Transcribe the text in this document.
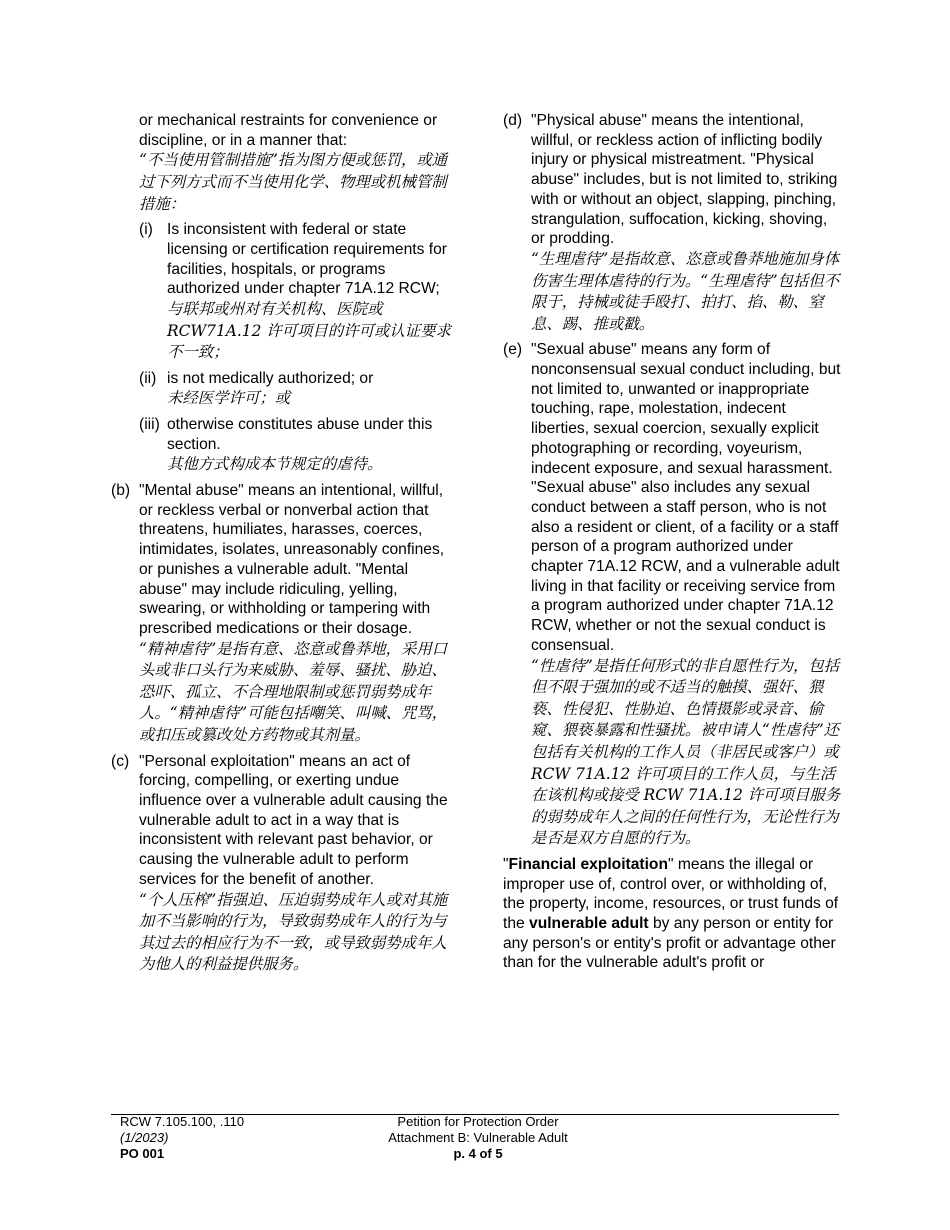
or mechanical restraints for convenience or discipline, or in a manner that:

“不当使用管制措施”指为图方便或惩罚，或通过下列方式而不当使用化学、物理或机械管制措施：

(i) Is inconsistent with federal or state licensing or certification requirements for facilities, hospitals, or programs authorized under chapter 71A.12 RCW;

与联邦或州对有关机构、医院或 RCW71A.12 许可项目的许可或认证要求不一致；

(ii) is not medically authorized; or

未经医学许可；或

(iii) otherwise constitutes abuse under this section.

其他方式构成本节规定的虐待。

(b) "Mental abuse" means an intentional, willful, or reckless verbal or nonverbal action that threatens, humiliates, harasses, coerces, intimidates, isolates, unreasonably confines, or punishes a vulnerable adult. "Mental abuse" may include ridiculing, yelling, swearing, or withholding or tampering with prescribed medications or their dosage.

“精神虐待”是指有意、恣意或鲁莽地，采用口头或非口头行为来威胁、羞辱、骚扰、胁迫、恐吓、孤立、不合理地限制或惩罚弱势成年人。“精神虐待”可能包括嘲笑、叫喊、咒骂，或扣压或篡改处方药物或其剂量。

(c) "Personal exploitation" means an act of forcing, compelling, or exerting undue influence over a vulnerable adult causing the vulnerable adult to act in a way that is inconsistent with relevant past behavior, or causing the vulnerable adult to perform services for the benefit of another.

“个人压榨”指强迫、压迫弱势成年人或对其施加不当影响的行为，导致弱势成年人的行为与其过去的相应行为不一致，或导致弱势成年人为他人的利益提供服务。

(d) "Physical abuse" means the intentional, willful, or reckless action of inflicting bodily injury or physical mistreatment. "Physical abuse" includes, but is not limited to, striking with or without an object, slapping, pinching, strangulation, suffocation, kicking, shoving, or prodding.

“生理虐待”是指故意、恣意或鲁莽地施加身体伤害生理体虐待的行为。“生理虐待”包括但不限于，持械或徒手殴打、拍打、掐、勒、窒息、踢、推或戳。

(e) "Sexual abuse" means any form of nonconsensual sexual conduct including, but not limited to, unwanted or inappropriate touching, rape, molestation, indecent liberties, sexual coercion, sexually explicit photographing or recording, voyeurism, indecent exposure, and sexual harassment. "Sexual abuse" also includes any sexual conduct between a staff person, who is not also a resident or client, of a facility or a staff person of a program authorized under chapter 71A.12 RCW, and a vulnerable adult living in that facility or receiving service from a program authorized under chapter 71A.12 RCW, whether or not the sexual conduct is consensual.

“性虐待”是指任何形式的非自愿性行为，包括但不限于强加的或不适当的触摸、强奸、猥亵、性侵犯、性胁迫、色情摄影或录音、偷窥、猥亵暴露和性骚扰。被申请人“性虐待”还包括有关机构的工作人员（非居民或客户）或 RCW 71A.12 许可项目的工作人员，与生活在该机构或接受 RCW 71A.12 许可项目服务的弱势成年人之间的任何性行为，无论性行为是否是双方自愿的行为。

"Financial exploitation" means the illegal or improper use of, control over, or withholding of, the property, income, resources, or trust funds of the vulnerable adult by any person or entity for any person's or entity's profit or advantage other than for the vulnerable adult's profit or

RCW 7.105.100, .110
(1/2023)
PO 001
Petition for Protection Order
Attachment B: Vulnerable Adult
p. 4 of 5
